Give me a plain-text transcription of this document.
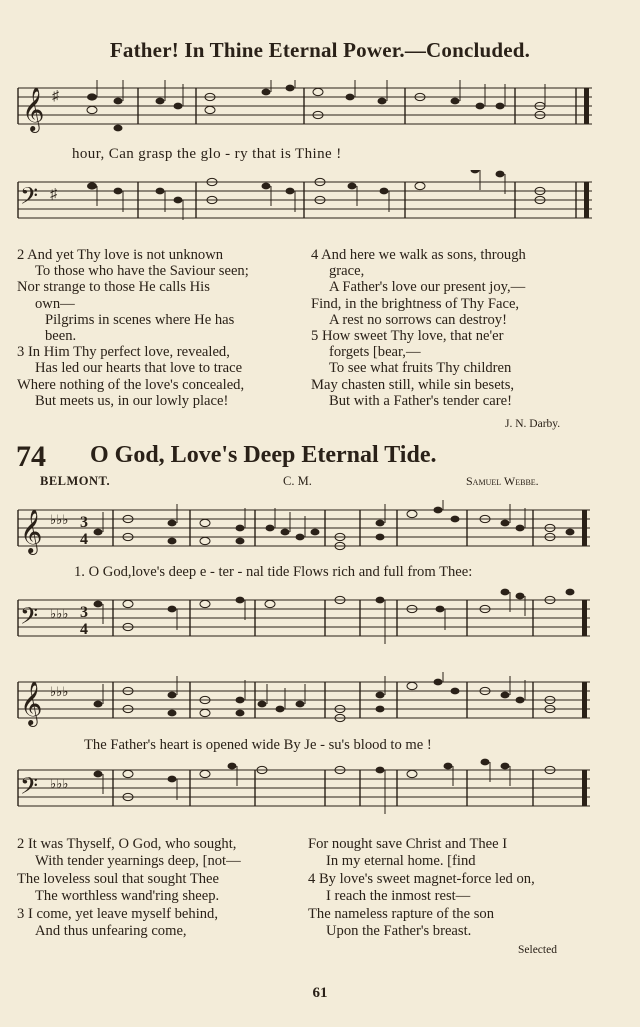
Father! In Thine Eternal Power.—Concluded.
𝄞 ♯
hour, Can grasp the glo - ry that is Thine !
𝄢 ♯
2 And yet Thy love is not unknown
To those who have the Saviour seen;
Nor strange to those He calls His
own—
Pilgrims in scenes where He has
been.
3 In Him Thy perfect love, revealed,
Has led our hearts that love to trace
Where nothing of the love's concealed,
But meets us, in our lowly place!
4 And here we walk as sons, through
grace,
A Father's love our present joy,—
Find, in the brightness of Thy Face,
A rest no sorrows can destroy!
5 How sweet Thy love, that ne'er
forgets [bear,—
To see what fruits Thy children
May chasten still, while sin besets,
But with a Father's tender care!
J. N. Darby.
74 O God, Love's Deep Eternal Tide.
BELMONT.	C. M.	Samuel Webbe.
𝄞 ♭♭♭ 3
4
1. O God,love's deep e - ter - nal tide Flows rich and full from Thee:
𝄢 ♭♭♭ 3
4
𝄞 ♭♭♭
The Father's heart is opened wide By Je - su's blood to me !
𝄢 ♭♭♭
2 It was Thyself, O God, who sought,
With tender yearnings deep, [not—
The loveless soul that sought Thee
The worthless wand'ring sheep.
3 I come, yet leave myself behind,
And thus unfearing come,
For nought save Christ and Thee I
In my eternal home. [find
4 By love's sweet magnet-force led on,
I reach the inmost rest—
The nameless rapture of the son
Upon the Father's breast.
Selected
61
